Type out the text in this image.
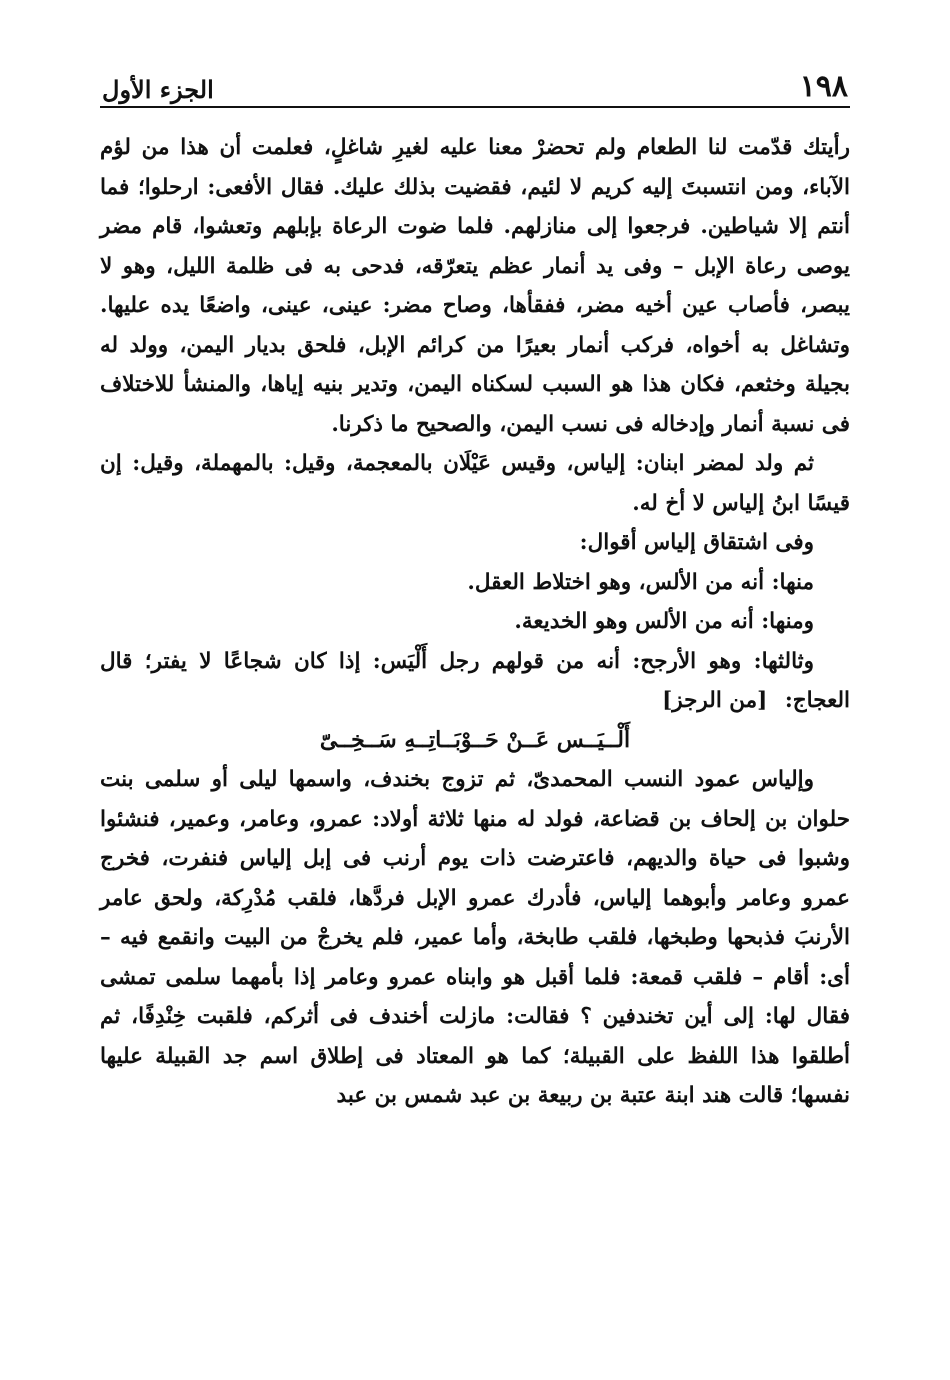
١٩٨
الجزء الأول

رأيتك قدّمت لنا الطعام ولم تحضرْ معنا عليه لغيرِ شاغلٍ، فعلمت أن هذا من لؤم الآباء، ومن انتسبتَ إليه كريم لا لئيم، فقضيت بذلك عليك. فقال الأفعى: ارحلوا؛ فما أنتم إلا شياطين. فرجعوا إلى منازلهم. فلما ضوت الرعاة بإبلهم وتعشوا، قام مضر يوصى رعاة الإبل – وفى يد أنمار عظم يتعرّقه، فدحى به فى ظلمة الليل، وهو لا يبصر، فأصاب عين أخيه مضر، ففقأها، وصاح مضر: عينى، عينى، واضعًا يده عليها. وتشاغل به أخواه، فركب أنمار بعيرًا من كرائم الإبل، فلحق بديار اليمن، وولد له بجيلة وخثعم، فكان هذا هو السبب لسكناه اليمن، وتدير بنيه إياها، والمنشأ للاختلاف فى نسبة أنمار وإدخاله فى نسب اليمن، والصحيح ما ذكرنا.

ثم ولد لمضر ابنان: إلياس، وقيس عَيْلَان بالمعجمة، وقيل: بالمهملة، وقيل: إن قيسًا ابنُ إلياس لا أخ له.

وفى اشتقاق إلياس أقوال:

منها: أنه من الألس، وهو اختلاط العقل.

ومنها: أنه من الألس وهو الخديعة.

وثالثها: وهو الأرجح: أنه من قولهم رجل أَلْيَس: إذا كان شجاعًا لا يفتر؛ قال العجاج: [من الرجز]

أَلْــيَــس عَــنْ حَــوْبَــاتِــهِ سَــخِــىّ

وإلياس عمود النسب المحمدىّ، ثم تزوج بخندف، واسمها ليلى أو سلمى بنت حلوان بن إلحاف بن قضاعة، فولد له منها ثلاثة أولاد: عمرو، وعامر، وعمير، فنشئوا وشبوا فى حياة والديهم، فاعترضت ذات يوم أرنب فى إبل إلياس فنفرت، فخرج عمرو وعامر وأبوهما إلياس، فأدرك عمرو الإبل فردَّها، فلقب مُدْرِكة، ولحق عامر الأرنبَ فذبحها وطبخها، فلقب طابخة، وأما عمير، فلم يخرجْ من البيت وانقمع فيه – أى: أقام – فلقب قمعة: فلما أقبل هو وابناه عمرو وعامر إذا بأمهما سلمى تمشى فقال لها: إلى أين تخندفين ؟ فقالت: مازلت أخندف فى أثركم، فلقبت خِنْدِفًا، ثم أطلقوا هذا اللفظ على القبيلة؛ كما هو المعتاد فى إطلاق اسم جد القبيلة عليها نفسها؛ قالت هند ابنة عتبة بن ربيعة بن عبد شمس بن عبد
